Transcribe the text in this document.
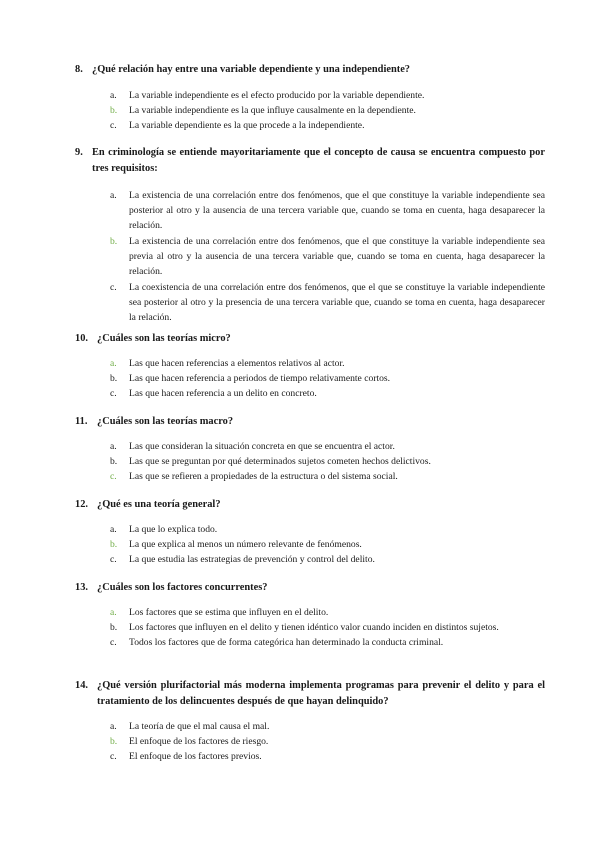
8. ¿Qué relación hay entre una variable dependiente y una independiente?
a.	La variable independiente es el efecto producido por la variable dependiente.
b.	La variable independiente es la que influye causalmente en la dependiente.
c.	La variable dependiente es la que procede a la independiente.
9. En criminología se entiende mayoritariamente que el concepto de causa se encuentra compuesto por tres requisitos:
a.	La existencia de una correlación entre dos fenómenos, que el que constituye la variable independiente sea posterior al otro y la ausencia de una tercera variable que, cuando se toma en cuenta, haga desaparecer la relación.
b.	La existencia de una correlación entre dos fenómenos, que el que constituye la variable independiente sea previa al otro y la ausencia de una tercera variable que, cuando se toma en cuenta, haga desaparecer la relación.
c.	La coexistencia de una correlación entre dos fenómenos, que el que se constituye la variable independiente sea posterior al otro y la presencia de una tercera variable que, cuando se toma en cuenta, haga desaparecer la relación.
10. ¿Cuáles son las teorías micro?
a.	Las que hacen referencias a elementos relativos al actor.
b.	Las que hacen referencia a periodos de tiempo relativamente cortos.
c.	Las que hacen referencia a un delito en concreto.
11. ¿Cuáles son las teorías macro?
a.	Las que consideran la situación concreta en que se encuentra el actor.
b.	Las que se preguntan por qué determinados sujetos cometen hechos delictivos.
c.	Las que se refieren a propiedades de la estructura o del sistema social.
12. ¿Qué es una teoría general?
a.	La que lo explica todo.
b.	La que explica al menos un número relevante de fenómenos.
c.	La que estudia las estrategias de prevención y control del delito.
13. ¿Cuáles son los factores concurrentes?
a.	Los factores que se estima que influyen en el delito.
b.	Los factores que influyen en el delito y tienen idéntico valor cuando inciden en distintos sujetos.
c.	Todos los factores que de forma categórica han determinado la conducta criminal.
14. ¿Qué versión plurifactorial más moderna implementa programas para prevenir el delito y para el tratamiento de los delincuentes después de que hayan delinquido?
a.	La teoría de que el mal causa el mal.
b.	El enfoque de los factores de riesgo.
c.	El enfoque de los factores previos.
